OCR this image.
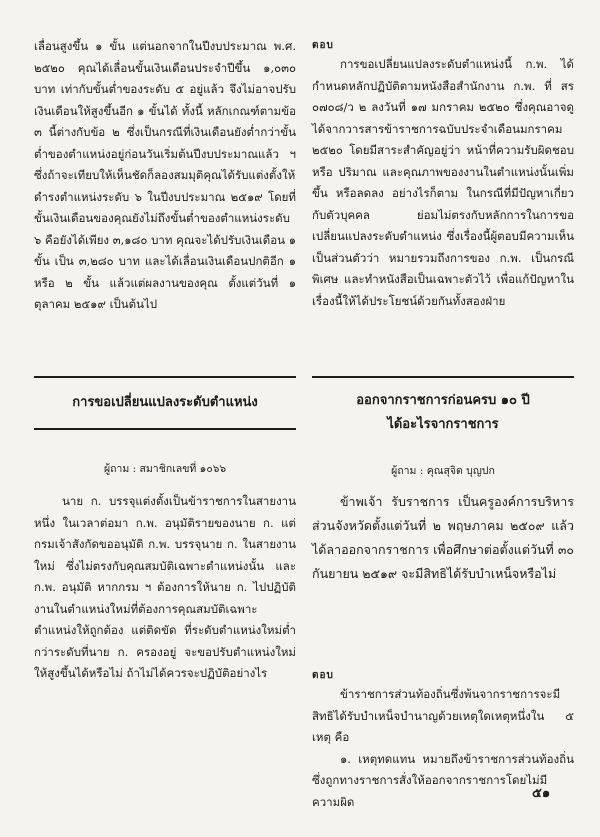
เลื่อนสูงขึ้น ๑ ขั้น แต่นอกจากในปีงบประมาณ พ.ศ. ๒๕๒๐ คุณได้เลื่อนขั้นเงินเดือนประจำปีขึ้น ๑,๐๓๐ บาท เท่ากับขั้นต่ำของระดับ ๕ อยู่แล้ว จึงไม่อาจปรับเงินเดือนให้สูงขึ้นอีก ๑ ขั้นได้ ทั้งนี้ หลักเกณฑ์ตามข้อ ๓ นี้ต่างกับข้อ ๒ ซึ่งเป็นกรณีที่เงินเดือนยังต่ำกว่าขั้นต่ำของตำแหน่งอยู่ก่อนวันเริ่มต้นปีงบประมาณแล้ว ฯ ซึ่งถ้าจะเทียบให้เห็นชัดก็ลองสมมุติคุณได้รับแต่งตั้งให้ดำรงตำแหน่งระดับ ๖ ในปีงบประมาณ ๒๕๑๙ โดยที่ขั้นเงินเดือนของคุณยังไม่ถึงขั้นต่ำของตำแหน่งระดับ ๖ คือยังได้เพียง ๓,๑๘๐ บาท คุณจะได้ปรับเงินเดือน ๑ ขั้น เป็น ๓,๒๘๐ บาท และได้เลื่อนเงินเดือนปกติอีก ๑ หรือ ๒ ขั้น แล้วแต่ผลงานของคุณ ตั้งแต่วันที่ ๑ ตุลาคม ๒๕๑๙ เป็นต้นไป

ตอบ

การขอเปลี่ยนแปลงระดับตำแหน่งนี้ ก.พ. ได้กำหนดหลักปฏิบัติตามหนังสือสำนักงาน ก.พ. ที่ สร ๐๗๐๘/ว ๒ ลงวันที่ ๑๗ มกราคม ๒๕๒๐ ซึ่งคุณอาจดูได้จากวารสารข้าราชการฉบับประจำเดือนมกราคม ๒๕๒๐ โดยมีสาระสำคัญอยู่ว่า หน้าที่ความรับผิดชอบ หรือ ปริมาณ และคุณภาพของงานในตำแหน่งนั้นเพิ่มขึ้น หรือลดลง อย่างไรก็ตาม ในกรณีที่มีปัญหาเกี่ยวกับตัวบุคคล ย่อมไม่ตรงกับหลักการในการขอเปลี่ยนแปลงระดับตำแหน่ง ซึ่งเรื่องนี้ผู้ตอบมีความเห็นเป็นส่วนตัวว่า หมายรวมถึงการของ ก.พ. เป็นกรณีพิเศษ และทำหนังสือเป็นเฉพาะตัวไว้ เพื่อแก้ปัญหาในเรื่องนี้ให้ได้ประโยชน์ด้วยกันทั้งสองฝ่าย

การขอเปลี่ยนแปลงระดับตำแหน่ง

ผู้ถาม : สมาชิกเลขที่ ๑๐๖๖

นาย ก. บรรจุแต่งตั้งเป็นข้าราชการในสายงานหนึ่ง ในเวลาต่อมา ก.พ. อนุมัติรายของนาย ก. แต่กรมเจ้าสังกัดขออนุมัติ ก.พ. บรรจุนาย ก. ในสายงานใหม่ ซึ่งไม่ตรงกับคุณสมบัติเฉพาะตำแหน่งนั้น และ ก.พ. อนุมัติ หากกรม ฯ ต้องการให้นาย ก. ไปปฏิบัติงานในตำแหน่งใหม่ที่ต้องการคุณสมบัติเฉพาะตำแหน่งให้ถูกต้อง แต่ติดขัด ที่ระดับตำแหน่งใหม่ต่ำกว่าระดับที่นาย ก. ครองอยู่ จะขอปรับตำแหน่งใหม่ให้สูงขึ้นได้หรือไม่ ถ้าไม่ได้ควรจะปฏิบัติอย่างไร

ออกจากราชการก่อนครบ ๑๐ ปี

ได้อะไรจากราชการ

ผู้ถาม : คุณสุจิต บุญปก

ข้าพเจ้า รับราชการ เป็นครูองค์การบริหารส่วนจังหวัดตั้งแต่วันที่ ๒ พฤษภาคม ๒๕๐๙ แล้วได้ลาออกจากราชการ เพื่อศึกษาต่อตั้งแต่วันที่ ๓๐ กันยายน ๒๕๑๙ จะมีสิทธิได้รับบำเหน็จหรือไม่

ตอบ

ข้าราชการส่วนท้องถิ่นซึ่งพ้นจากราชการจะมีสิทธิได้รับบำเหน็จบำนาญด้วยเหตุใดเหตุหนึ่งใน ๕ เหตุ คือ

๑. เหตุทดแทน หมายถึงข้าราชการส่วนท้องถิ่นซึ่งถูกทางราชการสั่งให้ออกจากราชการโดยไม่มีความผิด

๕๑
